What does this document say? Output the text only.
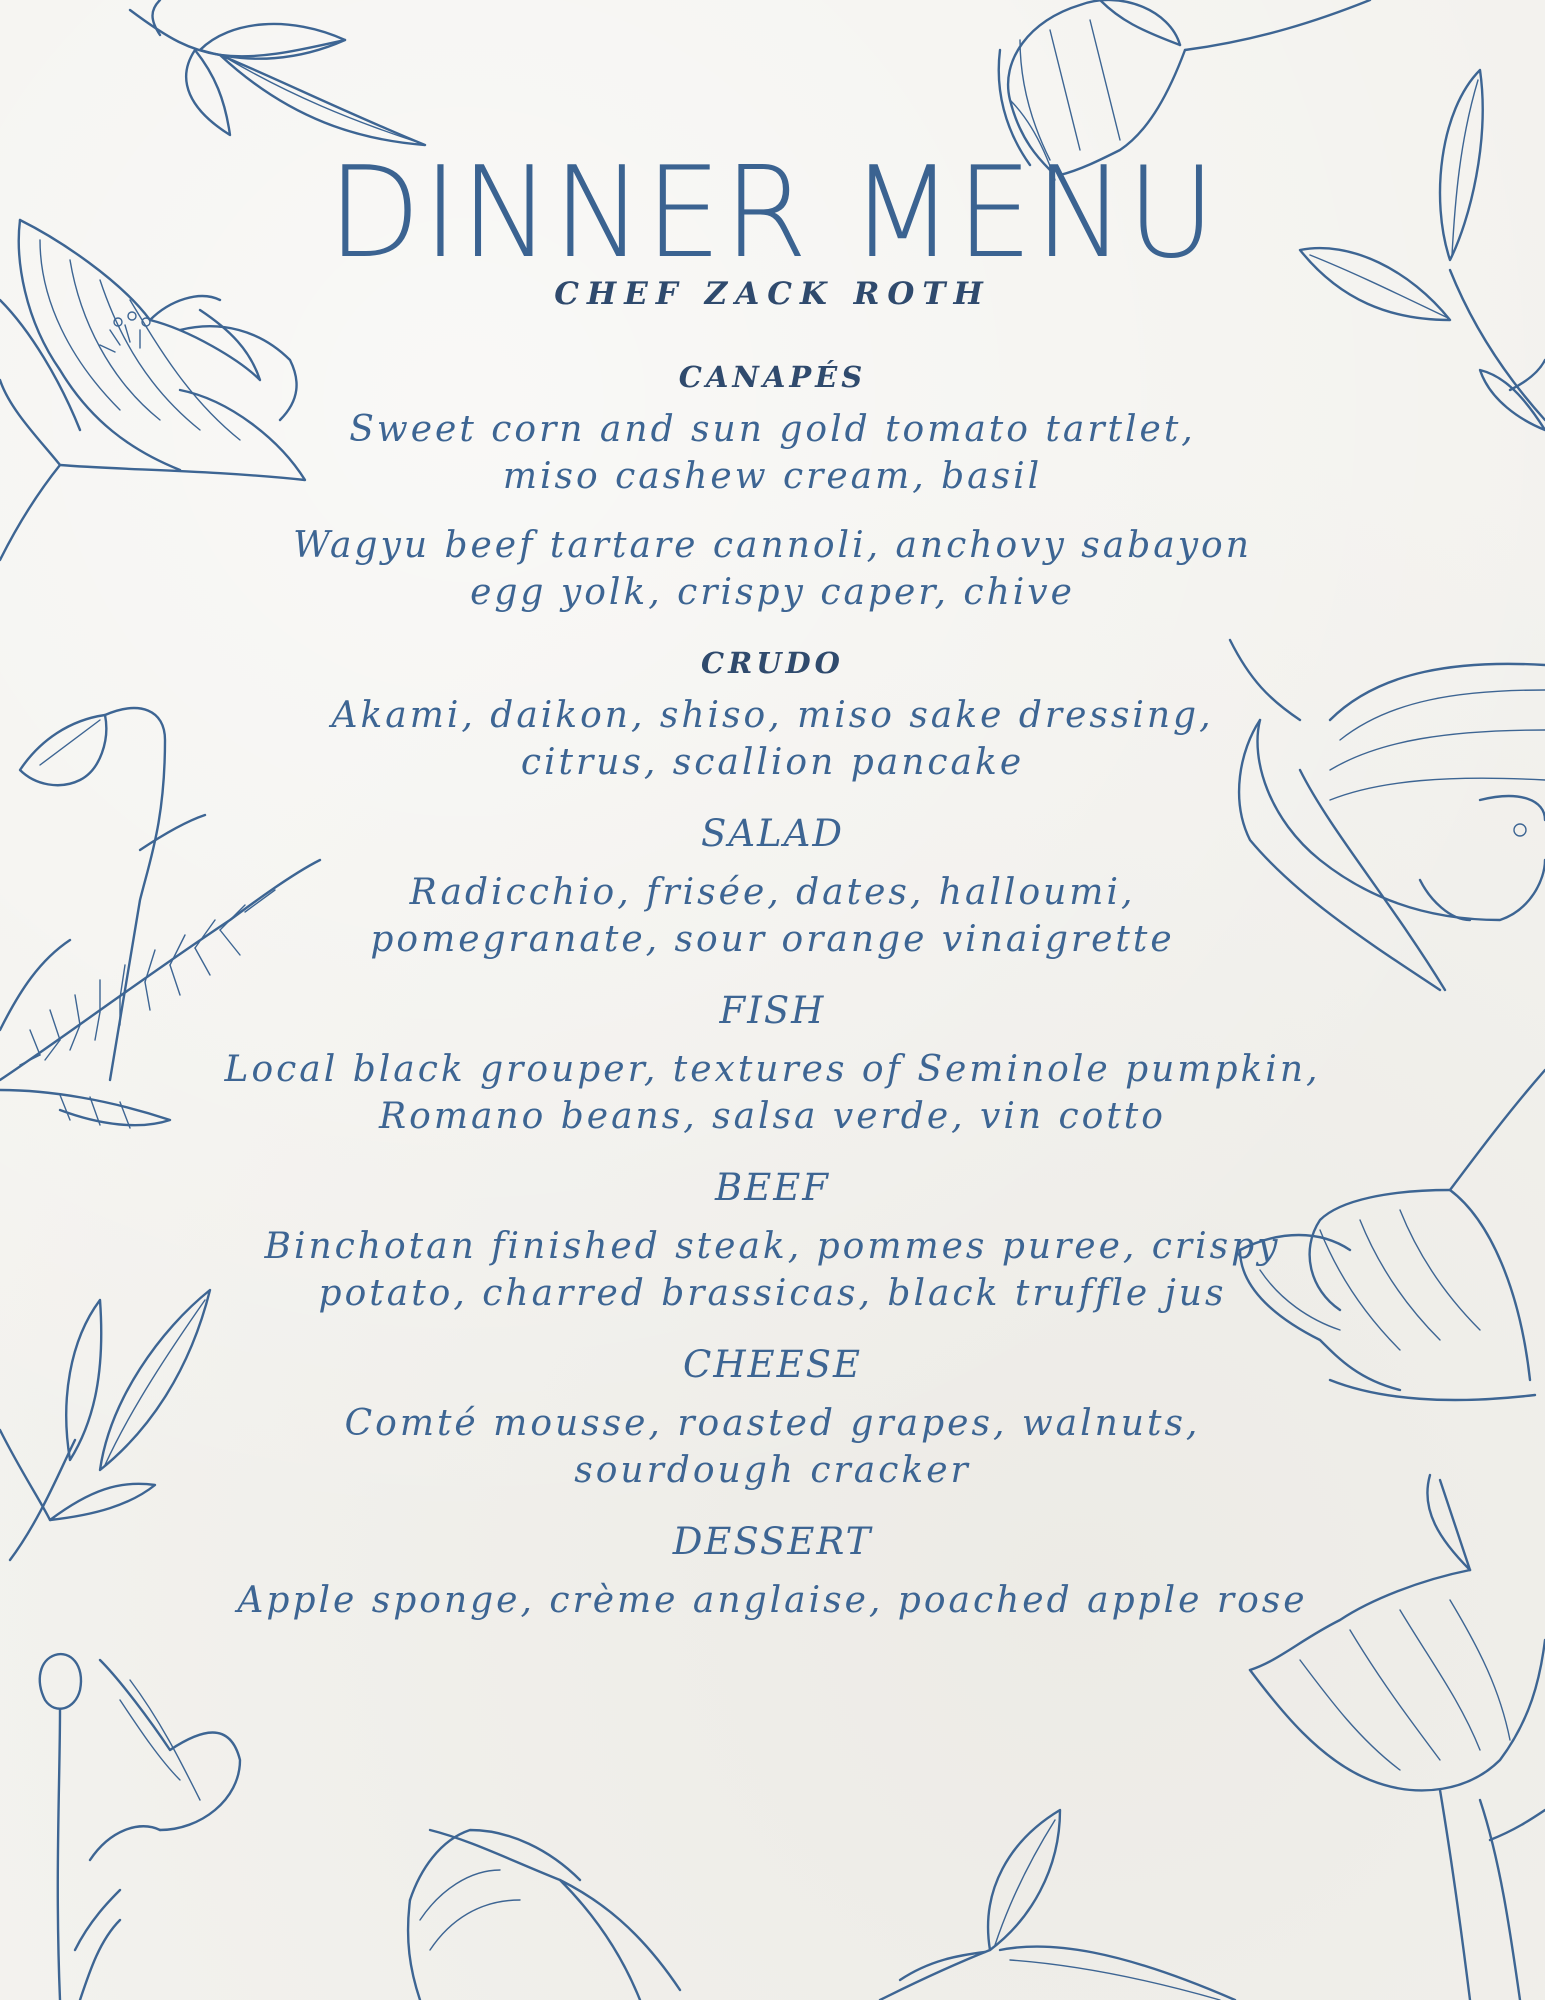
DINNER MENU
CHEF ZACK ROTH
CANAPÉS
Sweet corn and sun gold tomato tartlet,
miso cashew cream, basil
Wagyu beef tartare cannoli, anchovy sabayon
egg yolk, crispy caper, chive
CRUDO
Akami, daikon, shiso, miso sake dressing,
citrus, scallion pancake
SALAD
Radicchio, frisée, dates, halloumi,
pomegranate, sour orange vinaigrette
FISH
Local black grouper, textures of Seminole pumpkin,
Romano beans, salsa verde, vin cotto
BEEF
Binchotan finished steak, pommes puree, crispy
potato, charred brassicas, black truffle jus
CHEESE
Comté mousse, roasted grapes, walnuts,
sourdough cracker
DESSERT
Apple sponge, crème anglaise, poached apple rose
